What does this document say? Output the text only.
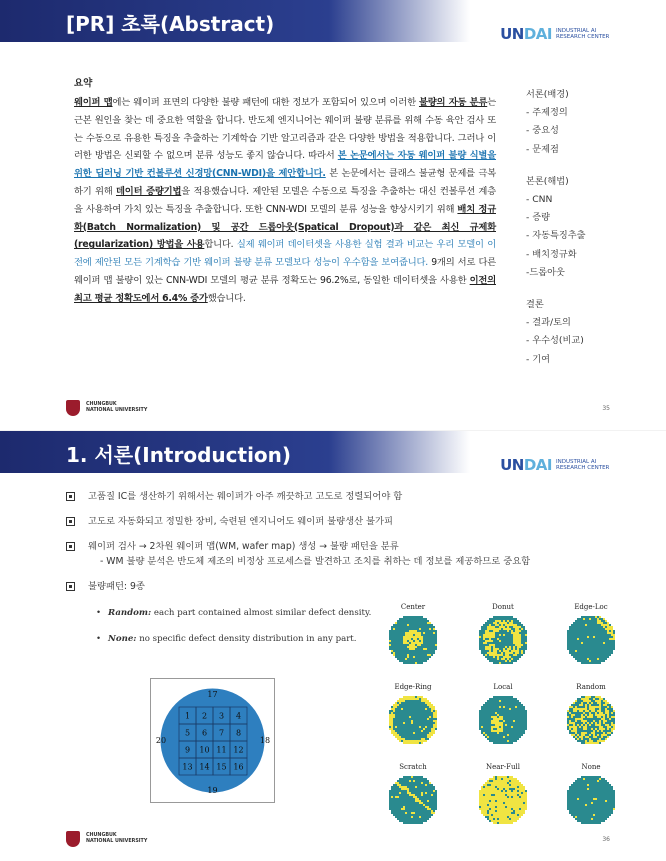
[PR] 초록(Abstract)	UNDAI INDUSTRIAL AI RESEARCH CENTER
요약
웨이퍼 맵에는 웨이퍼 표면의 다양한 불량 패턴에 대한 정보가 포함되어 있으며 이러한 불량의 자동 분류는 근본 원인을 찾는 데 중요한 역할을 합니다. 반도체 엔지니어는 웨이퍼 불량 분류를 위해 수동 육안 검사 또는 수동으로 유용한 특징을 추출하는 기계학습 기반 알고리즘과 같은 다양한 방법을 적용합니다. 그러나 이러한 방법은 신뢰할 수 없으며 분류 성능도 좋지 않습니다. 따라서 본 논문에서는 자동 웨이퍼 불량 식별을 위한 딥러닝 기반 컨볼루션 신경망(CNN-WDI)을 제안합니다. 본 논문에서는 클래스 불균형 문제를 극복하기 위해 데이터 증량기법을 적용했습니다. 제안된 모델은 수동으로 특징을 추출하는 대신 컨볼루션 계층을 사용하여 가치 있는 특징을 추출합니다. 또한 CNN-WDI 모델의 분류 성능을 향상시키기 위해 배치 정규화(Batch Normalization) 및 공간 드롭아웃(Spatical Dropout)과 같은 최신 규제화(regularization) 방법을 사용합니다. 실제 웨이퍼 데이터셋을 사용한 실험 결과 비교는 우리 모델이 이전에 제안된 모든 기계학습 기반 웨이퍼 불량 분류 모델보다 성능이 우수함을 보여줍니다. 9개의 서로 다른 웨이퍼 맵 불량이 있는 CNN-WDI 모델의 평균 분류 정확도는 96.2%로, 동일한 데이터셋을 사용한 이전의 최고 평균 정확도에서 6.4% 증가했습니다.
서론(배경)
- 주제정의
- 중요성
- 문제점
본론(해법)
- CNN
- 증량
- 자동특징추출
- 배치정규화
-드롭아웃
결론
- 결과/토의
- 우수성(비교)
- 기여
CHUNGBUK
NATIONAL UNIVERSITY	35
1. 서론(Introduction)	UNDAI INDUSTRIAL AI RESEARCH CENTER
고품질 IC를 생산하기 위해서는 웨이퍼가 아주 깨끗하고 고도로 정렬되어야 함
고도로 자동화되고 정밀한 장비, 숙련된 엔지니어도 웨이퍼 불량생산 불가피
웨이퍼 검사 → 2차원 웨이퍼 맵(WM, wafer map) 생성 → 불량 패턴을 분류
- WM 불량 분석은 반도체 제조의 비정상 프로세스를 발견하고 조치를 취하는 데 정보를 제공하므로 중요함
불량패턴: 9종
• Random: each part contained almost similar defect density.
• None: no specific defect density distribution in any part.
1 2 3 4
5 6 7 8
9 10 11 12
13 14 15 16
17
18
19
20
Center	Donut	Edge-Loc
Edge-Ring	Local	Random
Scratch	Near-Full	None
CHUNGBUK
NATIONAL UNIVERSITY	36
